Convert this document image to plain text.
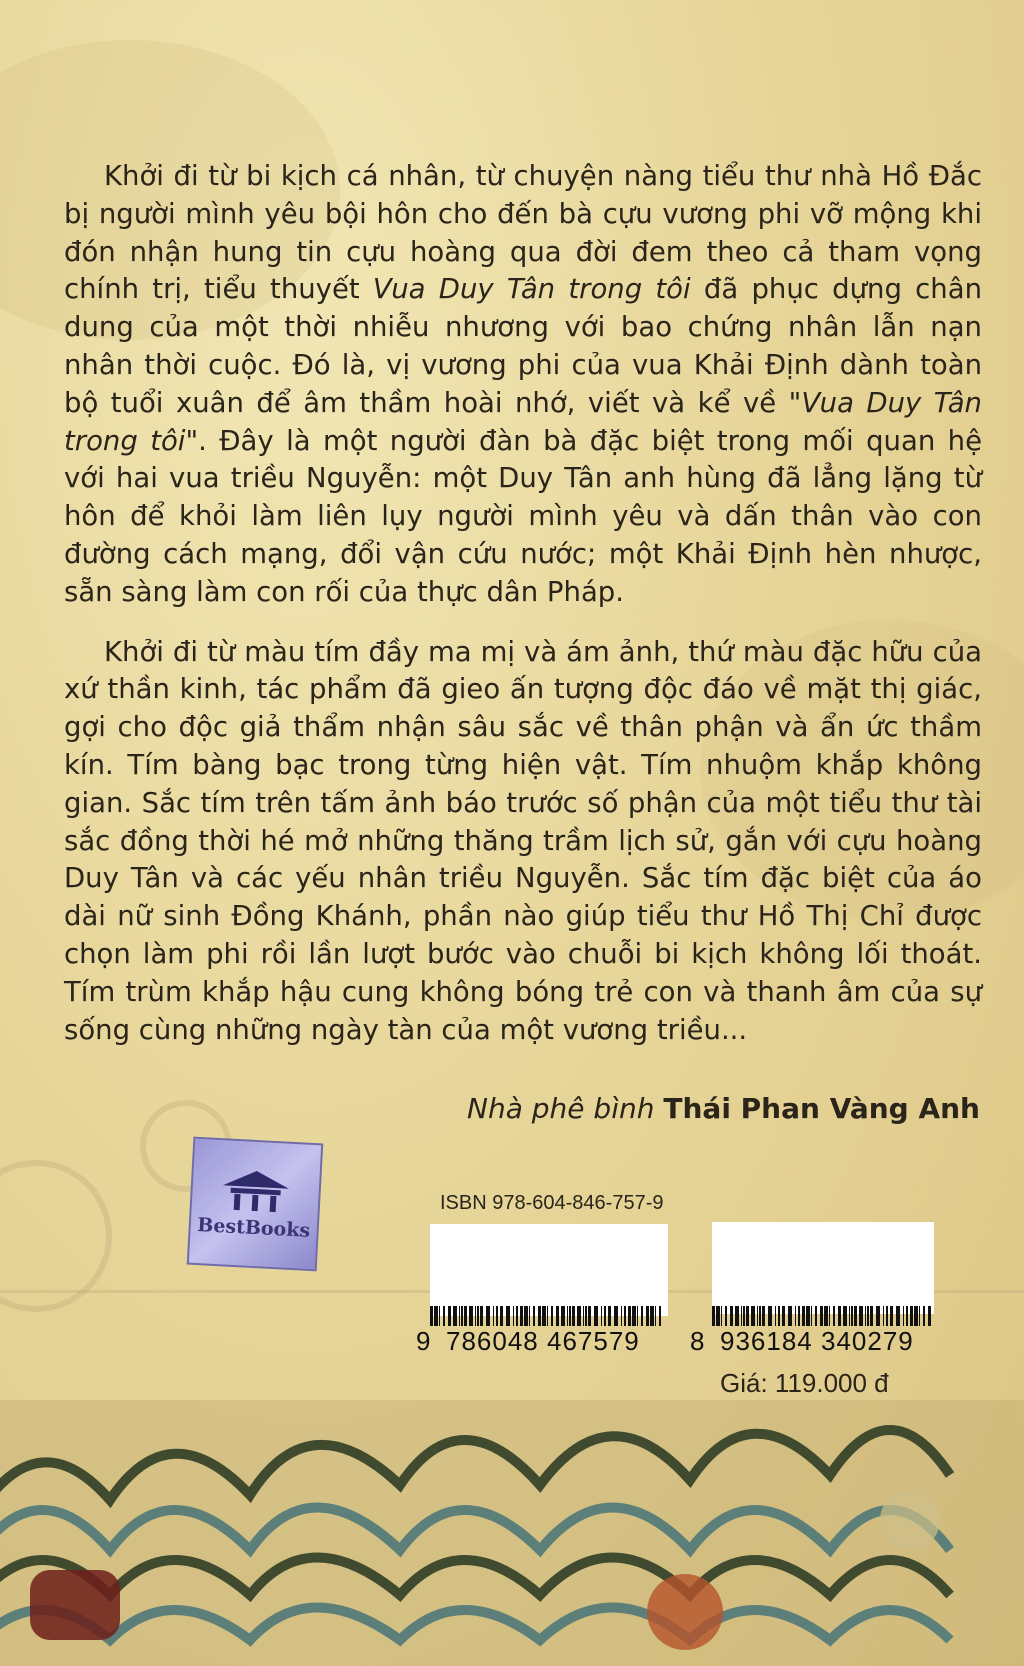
Khởi đi từ bi kịch cá nhân, từ chuyện nàng tiểu thư nhà Hồ Đắc bị người mình yêu bội hôn cho đến bà cựu vương phi vỡ mộng khi đón nhận hung tin cựu hoàng qua đời đem theo cả tham vọng chính trị, tiểu thuyết Vua Duy Tân trong tôi đã phục dựng chân dung của một thời nhiễu nhương với bao chứng nhân lẫn nạn nhân thời cuộc. Đó là, vị vương phi của vua Khải Định dành toàn bộ tuổi xuân để âm thầm hoài nhớ, viết và kể về "Vua Duy Tân trong tôi". Đây là một người đàn bà đặc biệt trong mối quan hệ với hai vua triều Nguyễn: một Duy Tân anh hùng đã lẳng lặng từ hôn để khỏi làm liên lụy người mình yêu và dấn thân vào con đường cách mạng, đổi vận cứu nước; một Khải Định hèn nhược, sẵn sàng làm con rối của thực dân Pháp.

Khởi đi từ màu tím đầy ma mị và ám ảnh, thứ màu đặc hữu của xứ thần kinh, tác phẩm đã gieo ấn tượng độc đáo về mặt thị giác, gợi cho độc giả thẩm nhận sâu sắc về thân phận và ẩn ức thầm kín. Tím bàng bạc trong từng hiện vật. Tím nhuộm khắp không gian. Sắc tím trên tấm ảnh báo trước số phận của một tiểu thư tài sắc đồng thời hé mở những thăng trầm lịch sử, gắn với cựu hoàng Duy Tân và các yếu nhân triều Nguyễn. Sắc tím đặc biệt của áo dài nữ sinh Đồng Khánh, phần nào giúp tiểu thư Hồ Thị Chỉ được chọn làm phi rồi lần lượt bước vào chuỗi bi kịch không lối thoát. Tím trùm khắp hậu cung không bóng trẻ con và thanh âm của sự sống cùng những ngày tàn của một vương triều...

Nhà phê bình Thái Phan Vàng Anh
BestBooks
ISBN 978-604-846-757-9
9 786048 467579 8 936184 340279
Giá: 119.000 đ
